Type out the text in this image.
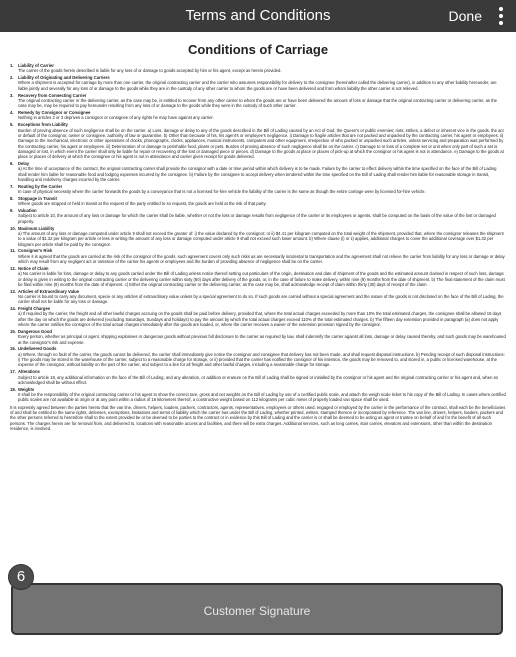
Terms and Conditions	Done
Conditions of Carriage
1. Liability of Carrier
The carrier of the goods herein described is liable for any loss of or damage to goods accepted by him or his agent, except as herein provided.
2. Liability of Originating and Delivering Carriers
Where a shipment is accepted for carriage by more than one carrier, the original contracting carrier and the carrier who assumes responsibility for delivery to the consignee (hereinafter called the delivering carrier), in addition to any other liability hereunder, are liable jointly and severally for any loss of or damage to the goods while they are in the custody of any other carrier to whom the goods are or have been delivered and from whom liability the other carrier is not relieved.
3. Recovery from Connecting Carrier
The original contracting carrier or the delivering carrier, as the case may be, is entitled to recover from any other carrier to whom the goods are or have been delivered the amount of loss or damage that the original contracting carrier or delivering carrier, as the case may be, may be required to pay hereunder resulting from any loss of or damage to the goods while they were in the custody of such other carrier.
4. Remedy by Consignor or Consignee
Nothing in articles 2 or 3 deprives a consignor or consignee of any rights he may have against any carrier.
5. Exceptions from Liability
Burden of proving absence of such negligence shall be on the carrier. a) Loss, damage or delay to any of the goods described in the Bill of Lading caused by an Act of God, the Queen's or public enemies; riots, strikes, a defect or inherent vice in the goods, the act or default of the consignor, owner or consignee, authority of law or quarantine. b) Other than because of his, his agent's or employee's negligence. i) Damage to fragile articles that are not packed and unpacked by the contracting carrier, his agent or employees. ii) Damage to the mechanical, electronic or other operations of clocks, phonographs, clocks, appliances, musical instruments, computers and other equipment, irrespective of who packed or unpacked such articles, unless servicing and preparation was performed by the contracting carrier, his agent or employees. iii) Deterioration of or damage to perishable food, plants or pets. Burden of proving absence of such negligence shall be on the carrier. c) Damage to or loss of a complete set or unit when only part of such a set is damaged or lost, in which event the carrier shall only be liable for repair or recovering of the lost or damaged piece or pieces. d) Damage to the goods at place or places of pick-up at which the consignor or his agent is not in attendance. e) Damage to the goods at place or places of delivery at which the consignee or his agent is not in attendance and carrier given receipt for goods delivered.
6. Delay
a) At the time of acceptance of the contract, the original contracting carrier shall provide the consignor with a date or time period within which delivery is to be made. Failure by the carrier to effect delivery within the time specified on the face of the Bill of Lading shall render him liable for reasonable food and lodging expenses incurred by the consignee. b) Failure by the consignee to accept delivery when tendered within the time specified on the Bill of Lading shall render him liable for reasonable storage in transit, handling and redelivery charges incurred by the carrier.
7. Routing by the Carrier
In case of physical necessity where the carrier forwards the goods by a conveyance that is not a licensed for-hire vehicle the liability of the carrier is the same as though the entire carriage were by licensed for-hire vehicle.
8. Stoppage in Transit
Where goods are stopped or held in transit at the request of the party entitled to so request, the goods are held at the risk of that party.
9. Valuation
Subject to article 10, the amount of any loss or damage for which the carrier shall be liable, whether or not the loss or damage results from negligence of the carrier or its employees or agents, shall be computed on the basis of the value of the lost or damaged property.
10. Maximum Liability
a) The amount of any loss or damage computed under article 9 shall not exceed the greater of: i) the value declared by the consignor; or ii) $4.41 per kilogram computed on the total weight of the shipment, provided that, where the consignor releases the shipment to a value of $1.32 per kilogram per article or less in writing the amount of any loss or damage computed under article 9 shall not exceed such lower amount. b) Where clause (i) or ii) applies, additional charges to cover the additional coverage over $1.32 per kilogram per article shall be paid by the consignor.
11. Consignor's Risk
Where it is agreed that the goods are carried at the risk of the consignor of the goods, such agreement covers only such risks as are necessarily incidental to transportation and the agreement shall not relieve the carrier from liability for any loss or damage or delay which may result from any negligent act or omission of the carrier his agents or employees and the burden of providing absence of negligence shall be on the carrier.
12. Notice of Claim
a) No carrier is liable for loss, damage or delay to any goods carried under the Bill of Lading unless notice thereof setting out particulars of the origin, destination and date of shipment of the goods and the estimated amount claimed in respect of such loss, damage or delay is given in writing to the original contracting carrier or the delivering carrier within sixty (60) days after delivery of the goods, or, in the case of failure to make delivery, within nine (9) months from the date of shipment. b) The final statement of the claim must be filed within nine (9) months from the date of shipment. c) Either the original contracting carrier or the delivering carrier, as the case may be, shall acknowledge receipt of claim within thirty (30) days of receipt of the claim.
13. Articles of Extraordinary Value
No carrier is bound to carry any document, specie or any articles of extraordinary value unless by a special agreement to do so. If such goods are carried without a special agreement and the nature of the goods is not disclosed on the face of the Bill of Lading, the carrier shall not be liable for any loss or damage.
14. Freight Charges
a) If required by the carrier, the freight and all other lawful charges accruing on the goods shall be paid before delivery, provided that, where the total actual charges exceeded by more than 10% the total estimated charges, the consignee shall be allowed 15 days after the day on which the goods are delivered (excluding Saturdays, Sundays and holidays) to pay the amount by which the total actual charges exceed 110% of the total estimated charges. b) The fifteen day extension provided in paragraph (a) does not apply where the carrier notifies the consignor of the total actual charges immediately after the goods are loaded, or, where the carrier receives a waiver of the extension provision signed by the consignor.
15. Dangerous Good
Every person, whether as principal or agent, shipping explosives or dangerous goods without previous full disclosure to the carrier as required by law, shall indemnify the carrier against all loss, damage or delay caused thereby, and such goods may be warehoused at the consignor's risk and expense.
16. Undelivered Goods
a) Where, through no fault of the carrier, the goods cannot be delivered, the carrier shall immediately give notice the consignor and consignee that delivery has not been made, and shall request disposal instructions. b) Pending receipt of such disposal instructions: i) The goods may be stored in the warehouse of the carrier, subject to a reasonable charge for storage, or ii) provided that the carrier has notified the consignor of his intention, the goods may be removed to, and stored in, a public or licensed warehouse, at the expense of the consignor, without liability on the part of the carrier, and subject to a lien for all freight and other lawful charges, including a reasonable charge for storage.
17. Alterations
Subject to article 18, any additional information on the face of the Bill of Lading, and any alteration, or addition or erasure on the Bill of Lading shall be signed or initialled by the consignor or his agent and the original contracting carrier or his agent and, when so acknowledged shall be without effect.
18. Weights
It shall be the responsibility of the original contracting carrier or his agent to show the correct tare, gross and net weights on the Bill of Lading by use of a certified public scale, and attach the weigh scale ticket to his copy of the Bill of Lading. In cases where certified public scales are not available at origin or at any point within a radius of 16 kilometers thereof, a constructive weight based on 112 kilograms per cubic meter of properly loaded van space shall be used.
It is expressly agreed between the parties hereto that the van line, drivers, helpers, loaders, packers, contractors, agents, representatives, employees or others used, engaged or employed by the carrier in the performance of the contract, shall each be the beneficiaries of and shall be entitled to the same rights, defenses, exemptions, limitations and terms of liability which the carrier has under the Bill of Lading, whether printed, written, stamped thereon or incorporated by reference. The van line, drivers, helpers, loaders, packers and the other persons referred to heretofore shall to the extent provided be or be deemed to be parties to the contract or in evidence by this Bill of Lading and the carrier is or shall be deemed to be acting as agent or trustee on behalf of and for the benefit of all such persons. The charges herein are for removal from, and delivered to, locations with reasonable access and facilities, and there will be extra charges. Additional services, such as long carries, stair carries, elevators and extensions, other than within the destination residence, is involved.
Customer Signature
6
